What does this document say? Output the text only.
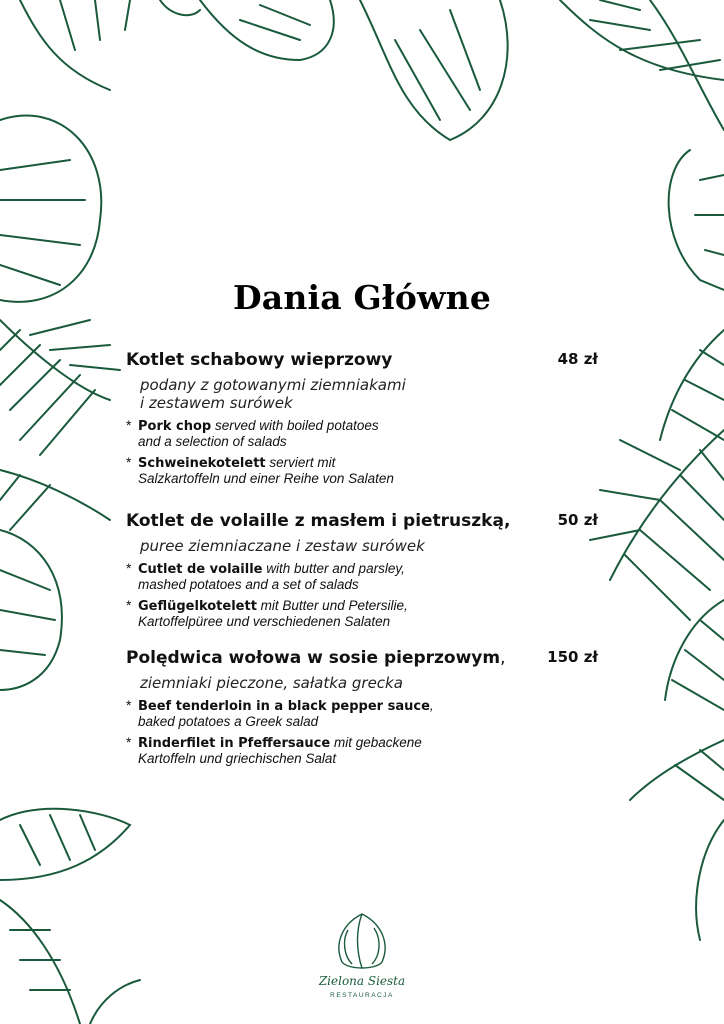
Dania Główne
Kotlet schabowy wieprzowy	48 zł
podany z gotowanymi ziemniakami
i zestawem surówek
* Pork chop served with boiled potatoes
and a selection of salads
* Schweinekotelett serviert mit
Salzkartoffeln und einer Reihe von Salaten
Kotlet de volaille z masłem i pietruszką,	50 zł
puree ziemniaczane i zestaw surówek
* Cutlet de volaille with butter and parsley,
mashed potatoes and a set of salads
* Geflügelkotelett mit Butter und Petersilie,
Kartoffelpüree und verschiedenen Salaten
Polędwica wołowa w sosie pieprzowym,	150 zł
ziemniaki pieczone, sałatka grecka
* Beef tenderloin in a black pepper sauce,
baked potatoes a Greek salad
* Rinderfilet in Pfeffersauce mit gebackene
Kartoffeln und griechischen Salat
Zielona Siesta
RESTAURACJA
